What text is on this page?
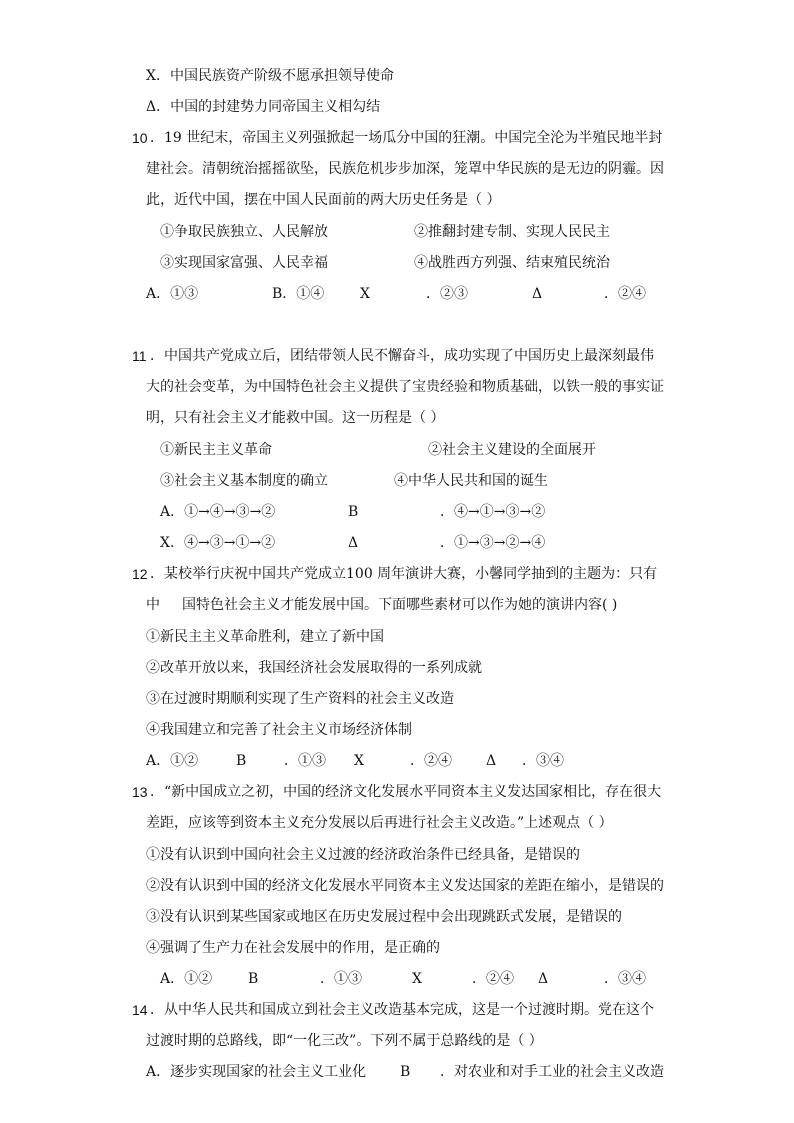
X．中国民族资产阶级不愿承担领导使命
Δ．中国的封建势力同帝国主义相勾结
10 ．19 世纪末，帝国主义列强掀起一场瓜分中国的狂潮。中国完全沦为半殖民地半封
建社会。清朝统治摇摇欲坠，民族危机步步加深，笼罩中华民族的是无边的阴霾。因
此，近代中国，摆在中国人民面前的两大历史任务是（ ）
①争取民族独立、人民解放	②推翻封建专制、实现人民民主
③实现国家富强、人民幸福	④战胜西方列强、结束殖民统治
A．①③	B．①④	X	．②③	Δ	．②④
11 ．中国共产党成立后，团结带领人民不懈奋斗，成功实现了中国历史上最深刻最伟
大的社会变革，为中国特色社会主义提供了宝贵经验和物质基础，以铁一般的事实证
明，只有社会主义才能救中国。这一历程是（ ）
①新民主主义革命	②社会主义建设的全面展开
③社会主义基本制度的确立	④中华人民共和国的诞生
A．①→④→③→②	B	．④→①→③→②
X．④→③→①→②	Δ	．①→③→②→④
12 ．某校举行庆祝中国共产党成立100 周年演讲大赛，小馨同学抽到的主题为：只有
中 国特色社会主义才能发展中国。下面哪些素材可以作为她的演讲内容( )
①新民主主义革命胜利，建立了新中国
②改革开放以来，我国经济社会发展取得的一系列成就
③在过渡时期顺利实现了生产资料的社会主义改造
④我国建立和完善了社会主义市场经济体制
A．①②	B	．①③ X	．②④ Δ ．③④
13 ．“新中国成立之初，中国的经济文化发展水平同资本主义发达国家相比，存在很大
差距，应该等到资本主义充分发展以后再进行社会主义改造。”上述观点（ ）
①没有认识到中国向社会主义过渡的经济政治条件已经具备，是错误的
②没有认识到中国的经济文化发展水平同资本主义发达国家的差距在缩小，是错误的
③没有认识到某些国家或地区在历史发展过程中会出现跳跃式发展，是错误的
④强调了生产力在社会发展中的作用，是正确的
A．①②	B	．①③	X	．②④ Δ	．③④
14 ．从中华人民共和国成立到社会主义改造基本完成，这是一个过渡时期。党在这个
过渡时期的总路线，即“一化三改”。下列不属于总路线的是（ ）
A．逐步实现国家的社会主义工业化 B ．对农业和对手工业的社会主义改造
